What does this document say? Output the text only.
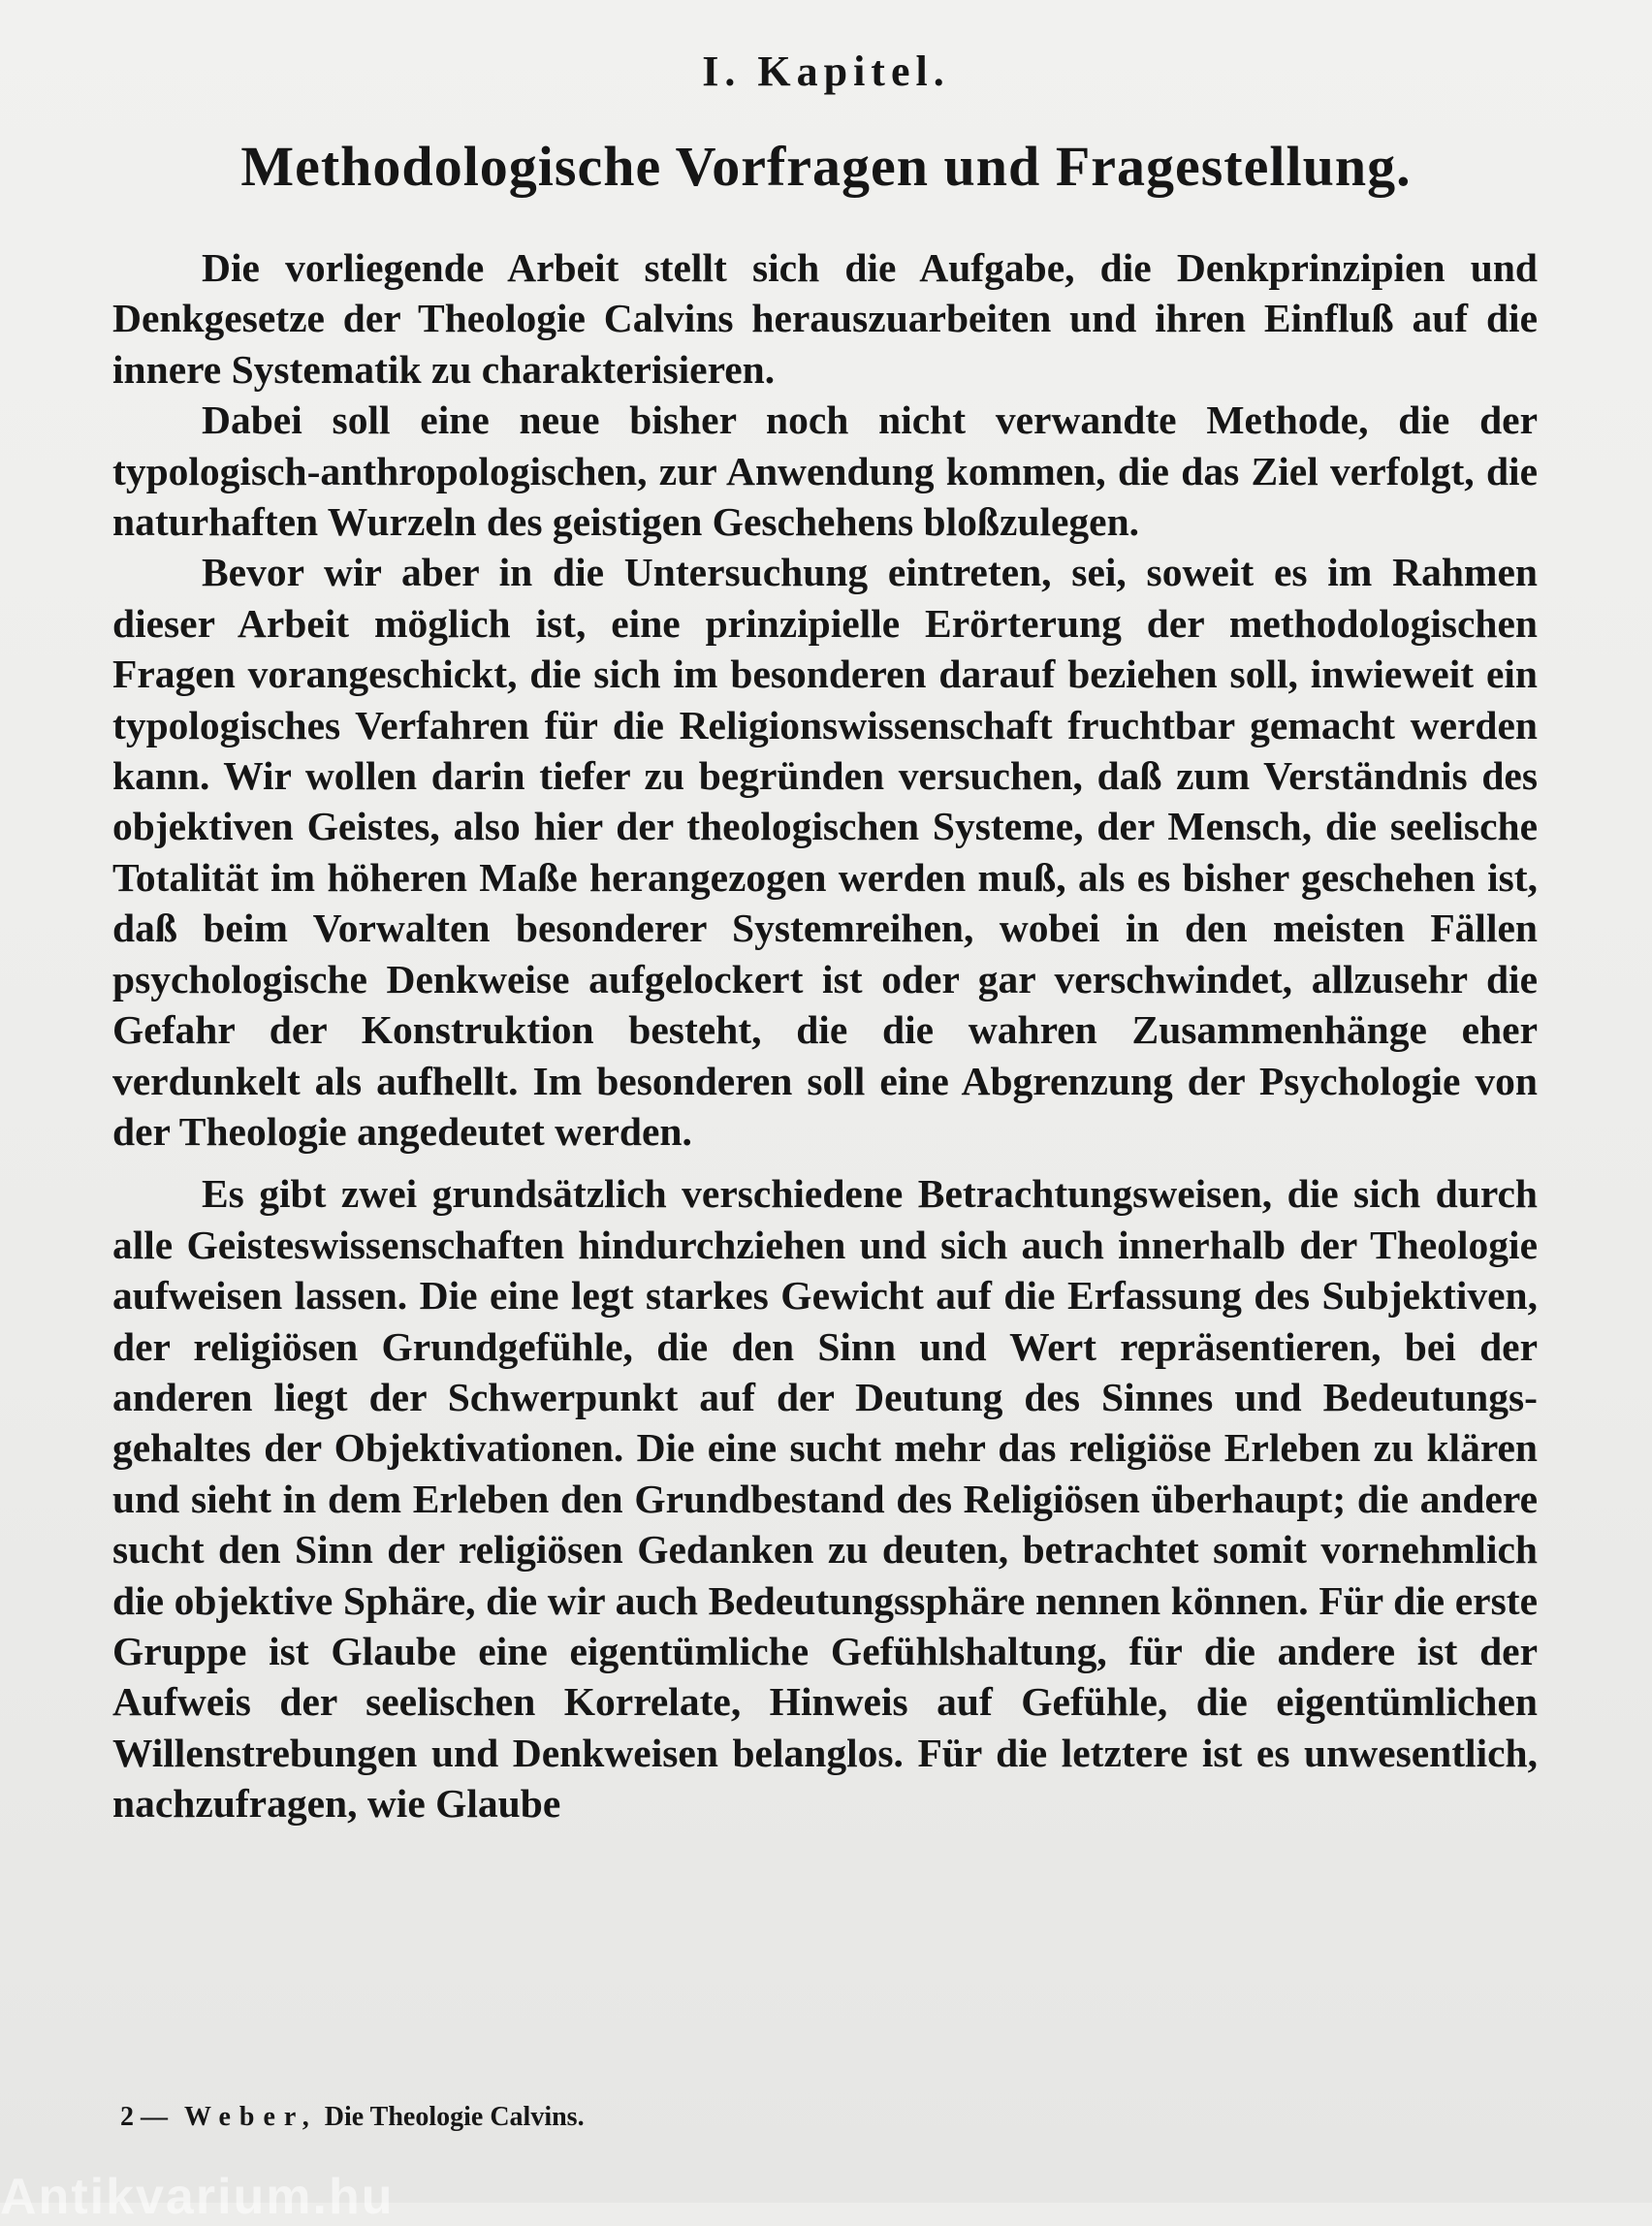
I. Kapitel.
Methodologische Vorfragen und Fragestellung.

Die vorliegende Arbeit stellt sich die Aufgabe, die Denkprinzipien und Denkgesetze der Theologie Calvins herauszuarbeiten und ihren Einfluß auf die innere Systematik zu charakterisieren.

Dabei soll eine neue bisher noch nicht verwandte Methode, die der typologisch-anthropologischen, zur Anwendung kommen, die das Ziel verfolgt, die naturhaften Wurzeln des geistigen Geschehens bloßzulegen.

Bevor wir aber in die Untersuchung eintreten, sei, soweit es im Rahmen dieser Arbeit möglich ist, eine prinzipielle Erörterung der methodologischen Fragen vorangeschickt, die sich im besonderen darauf beziehen soll, inwieweit ein typologisches Verfahren für die Religionswissenschaft fruchtbar gemacht werden kann. Wir wollen darin tiefer zu begründen versuchen, daß zum Verständnis des objektiven Geistes, also hier der theologischen Systeme, der Mensch, die seelische Totalität im höheren Maße herangezogen werden muß, als es bisher geschehen ist, daß beim Vorwalten besonderer Systemreihen, wobei in den meisten Fällen psychologische Denkweise aufgelockert ist oder gar verschwindet, allzusehr die Gefahr der Konstruktion besteht, die die wahren Zusammenhänge eher verdunkelt als aufhellt. Im besonderen soll eine Abgrenzung der Psychologie von der Theologie angedeutet werden.

Es gibt zwei grundsätzlich verschiedene Betrachtungsweisen, die sich durch alle Geisteswissenschaften hindurchziehen und sich auch innerhalb der Theologie aufweisen lassen. Die eine legt starkes Gewicht auf die Erfassung des Subjektiven, der religiösen Grundgefühle, die den Sinn und Wert repräsentieren, bei der anderen liegt der Schwerpunkt auf der Deutung des Sinnes und Bedeutungsgehaltes der Objektivationen. Die eine sucht mehr das religiöse Erleben zu klären und sieht in dem Erleben den Grundbestand des Religiösen überhaupt; die andere sucht den Sinn der religiösen Gedanken zu deuten, betrachtet somit vornehmlich die objektive Sphäre, die wir auch Bedeutungssphäre nennen können. Für die erste Gruppe ist Glaube eine eigentümliche Gefühlshaltung, für die andere ist der Aufweis der seelischen Korrelate, Hinweis auf Gefühle, die eigentümlichen Willenstrebungen und Denkweisen belanglos. Für die letztere ist es unwesentlich, nachzufragen, wie Glaube

2 — Weber, Die Theologie Calvins.
Antikvarium.hu
